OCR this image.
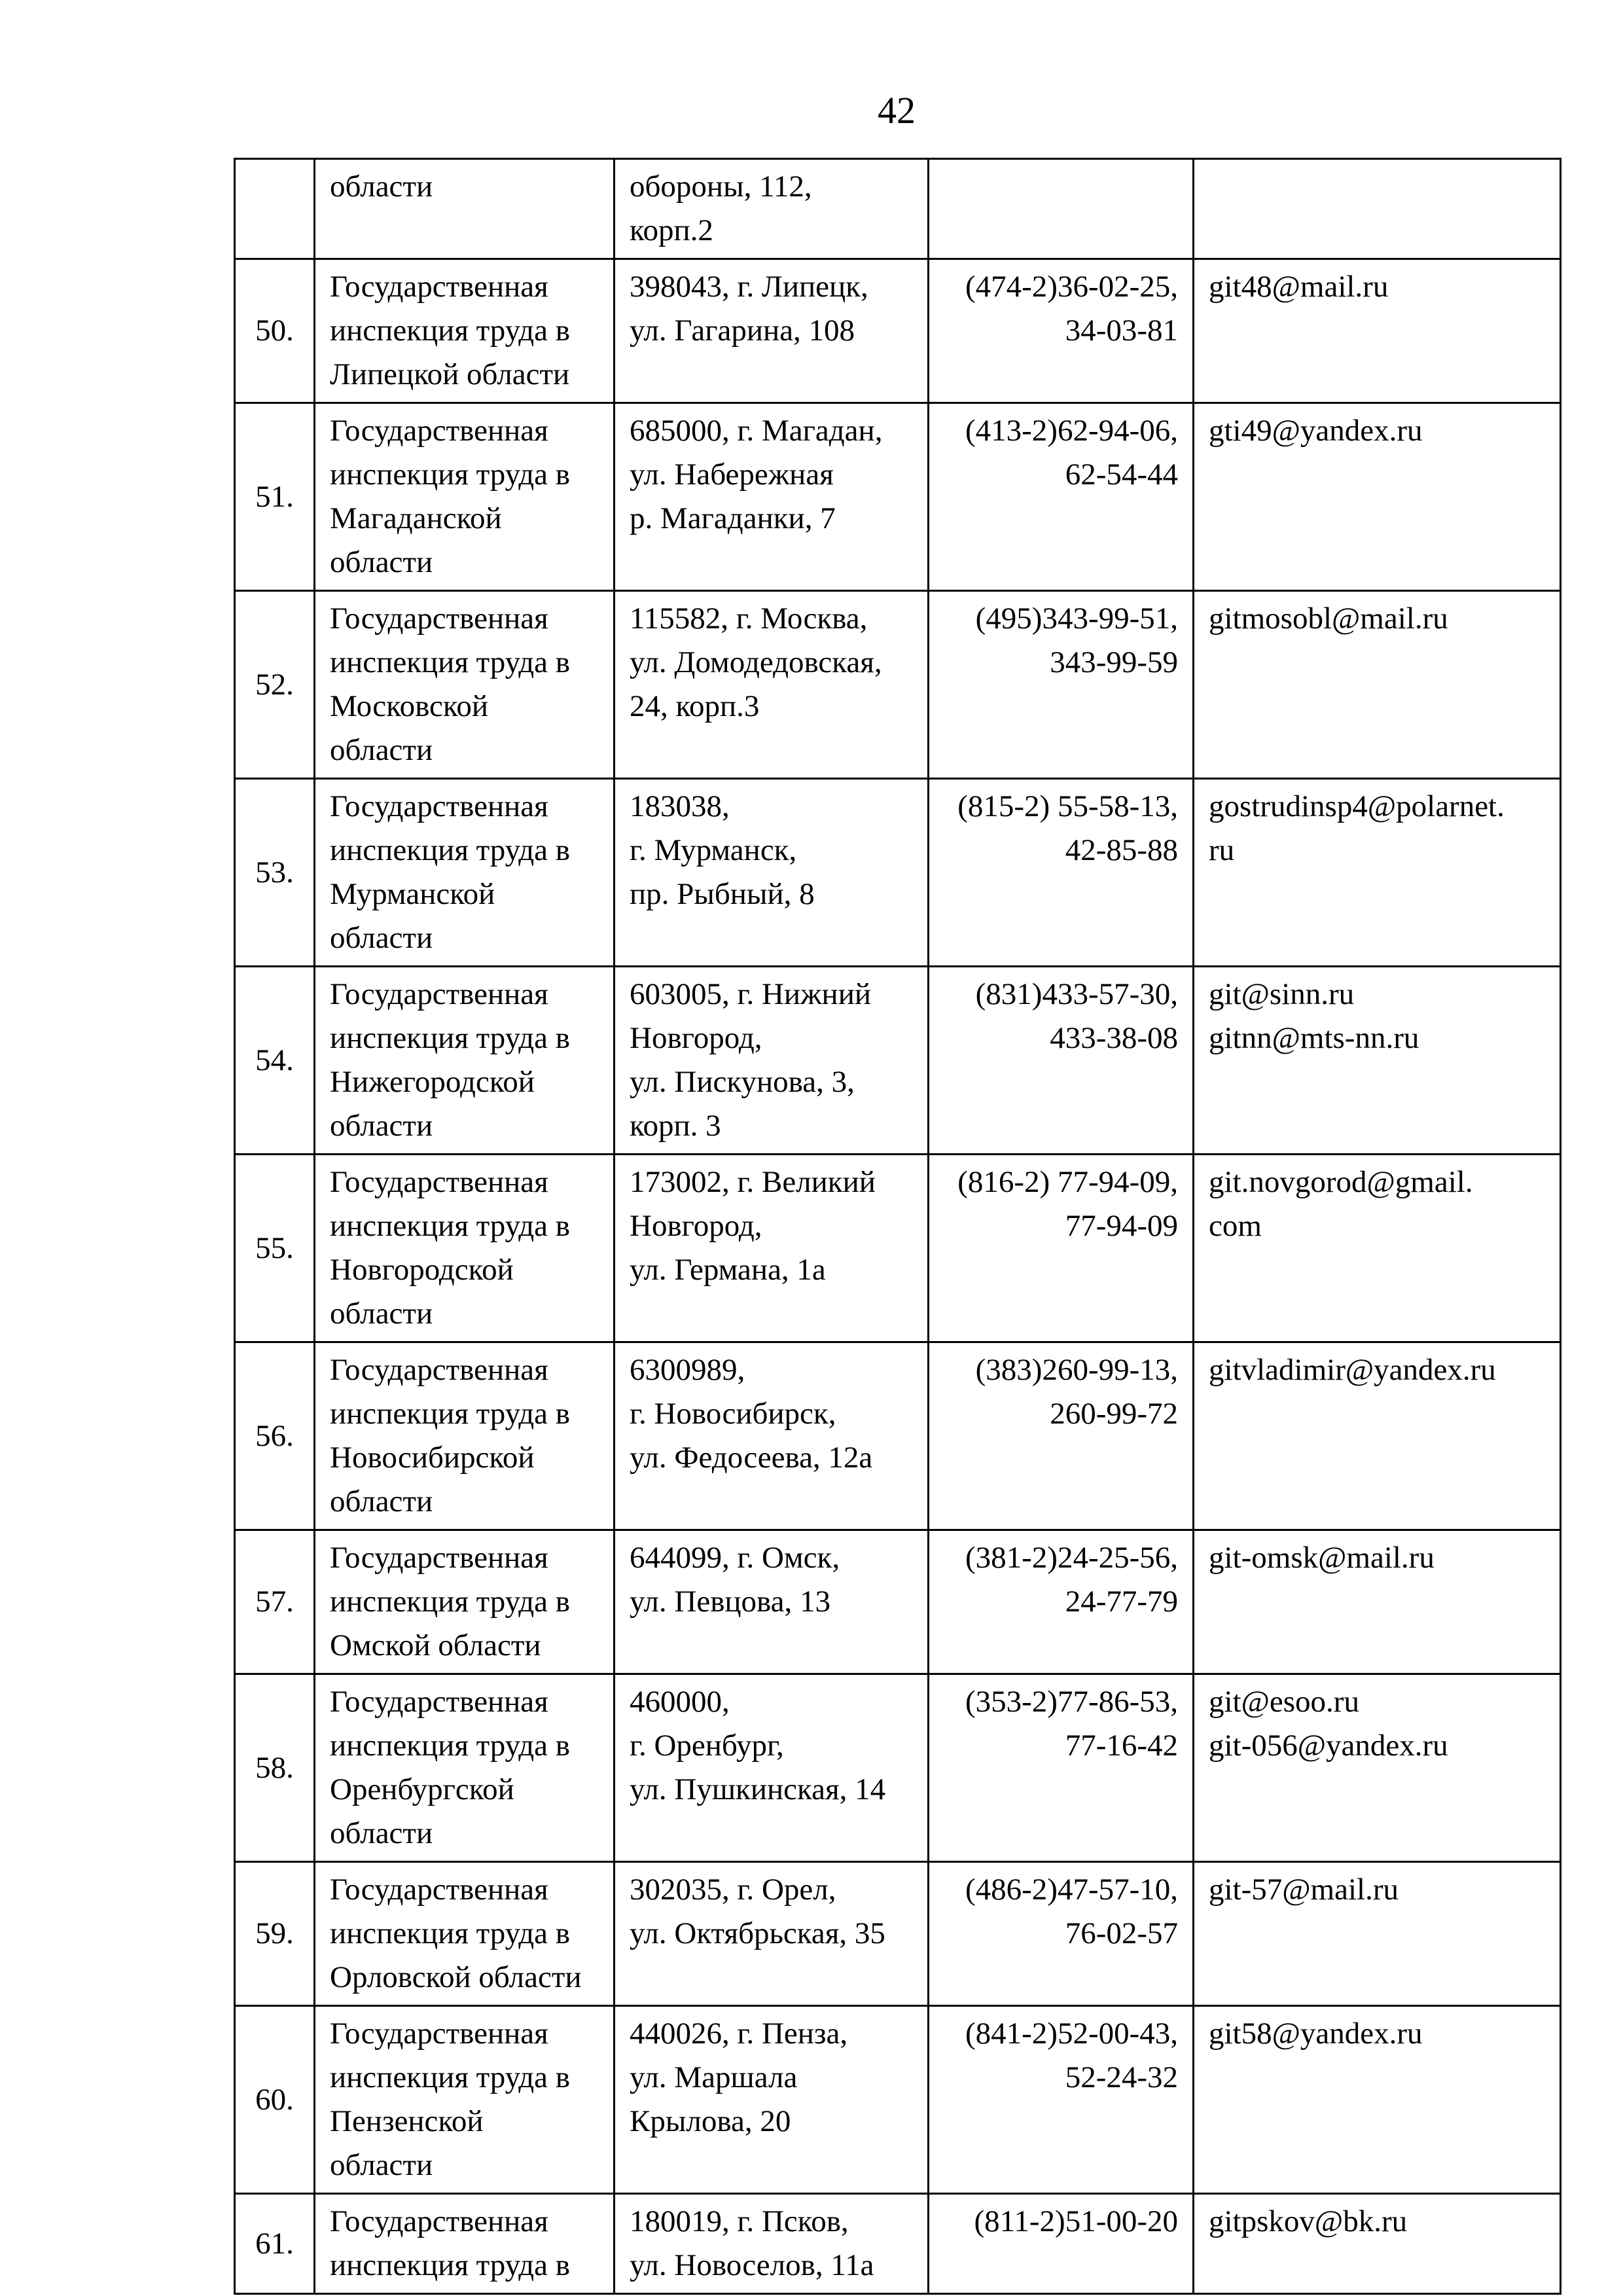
42

	области	обороны, 112,
корп.2		

50.	Государственная
инспекция труда в
Липецкой области	398043, г. Липецк,
ул. Гагарина, 108	(474-2)36-02-25,
34-03-81	git48@mail.ru

51.	Государственная
инспекция труда в
Магаданской
области	685000, г. Магадан,
ул. Набережная
р. Магаданки, 7	(413-2)62-94-06,
62-54-44	gti49@yandex.ru

52.	Государственная
инспекция труда в
Московской
области	115582, г. Москва,
ул. Домодедовская,
24, корп.3	(495)343-99-51,
343-99-59	gitmosobl@mail.ru

53.	Государственная
инспекция труда в
Мурманской
области	183038,
г. Мурманск,
пр. Рыбный, 8	(815-2) 55-58-13,
42-85-88	gostrudinsp4@polarnet.
ru

54.	Государственная
инспекция труда в
Нижегородской
области	603005, г. Нижний
Новгород,
ул. Пискунова, 3,
корп. 3	(831)433-57-30,
433-38-08	git@sinn.ru
gitnn@mts-nn.ru

55.	Государственная
инспекция труда в
Новгородской
области	173002, г. Великий
Новгород,
ул. Германа, 1а	(816-2) 77-94-09,
77-94-09	git.novgorod@gmail.
com

56.	Государственная
инспекция труда в
Новосибирской
области	6300989,
г. Новосибирск,
ул. Федосеева, 12а	(383)260-99-13,
260-99-72	gitvladimir@yandex.ru

57.	Государственная
инспекция труда в
Омской области	644099, г. Омск,
ул. Певцова, 13	(381-2)24-25-56,
24-77-79	git-omsk@mail.ru

58.	Государственная
инспекция труда в
Оренбургской
области	460000,
г. Оренбург,
ул. Пушкинская, 14	(353-2)77-86-53,
77-16-42	git@esoo.ru
git-056@yandex.ru

59.	Государственная
инспекция труда в
Орловской области	302035, г. Орел,
ул. Октябрьская, 35	(486-2)47-57-10,
76-02-57	git-57@mail.ru

60.	Государственная
инспекция труда в
Пензенской
области	440026, г. Пенза,
ул. Маршала
Крылова, 20	(841-2)52-00-43,
52-24-32	git58@yandex.ru

61.	Государственная
инспекция труда в	180019, г. Псков,
ул. Новоселов, 11а	(811-2)51-00-20	gitpskov@bk.ru
